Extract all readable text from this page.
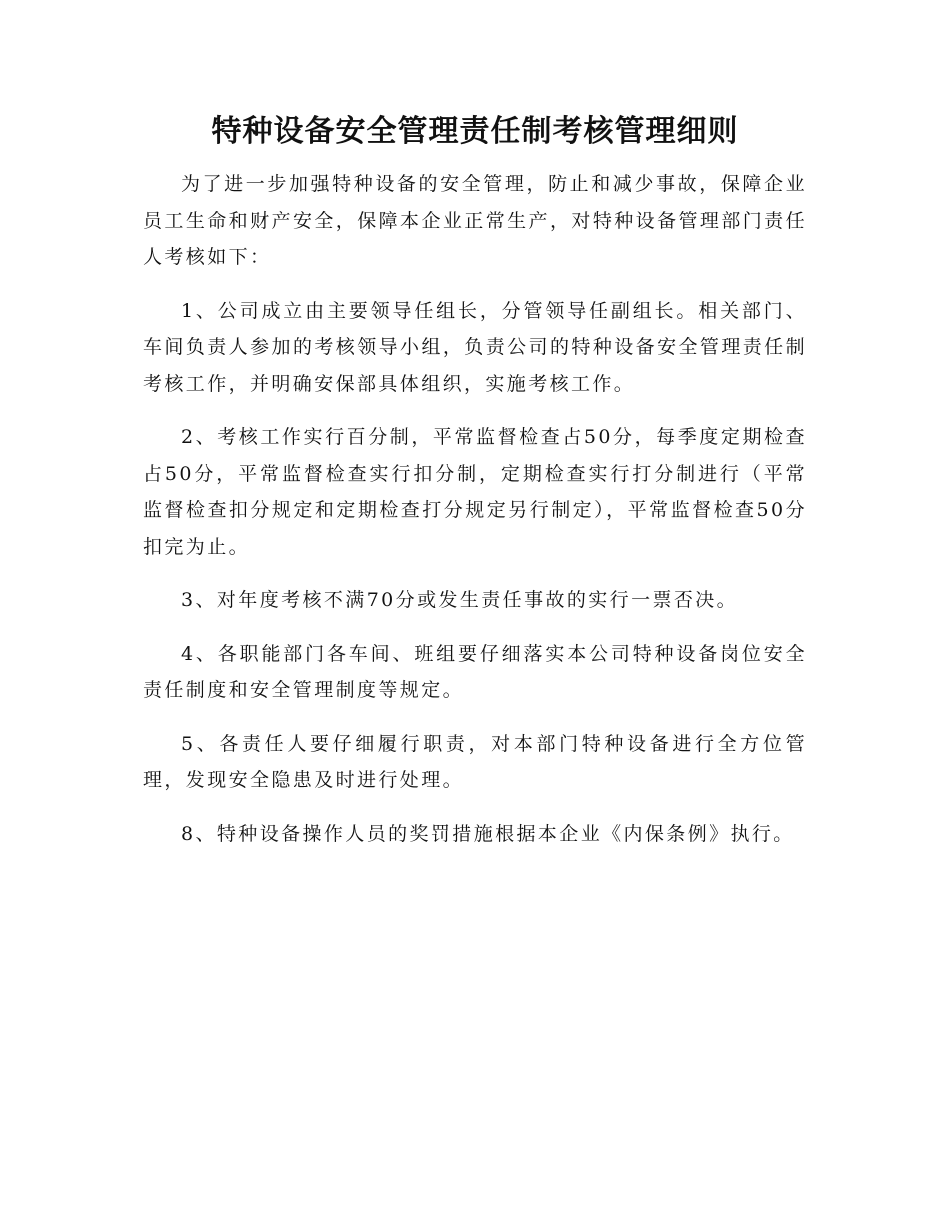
特种设备安全管理责任制考核管理细则

为了进一步加强特种设备的安全管理，防止和减少事故，保障企业员工生命和财产安全，保障本企业正常生产，对特种设备管理部门责任人考核如下：

1、公司成立由主要领导任组长，分管领导任副组长。相关部门、车间负责人参加的考核领导小组，负责公司的特种设备安全管理责任制考核工作，并明确安保部具体组织，实施考核工作。

2、考核工作实行百分制，平常监督检查占50分，每季度定期检查占50分，平常监督检查实行扣分制，定期检查实行打分制进行（平常监督检查扣分规定和定期检查打分规定另行制定），平常监督检查50分扣完为止。

3、对年度考核不满70分或发生责任事故的实行一票否决。

4、各职能部门各车间、班组要仔细落实本公司特种设备岗位安全责任制度和安全管理制度等规定。

5、各责任人要仔细履行职责，对本部门特种设备进行全方位管理，发现安全隐患及时进行处理。

8、特种设备操作人员的奖罚措施根据本企业《内保条例》执行。
